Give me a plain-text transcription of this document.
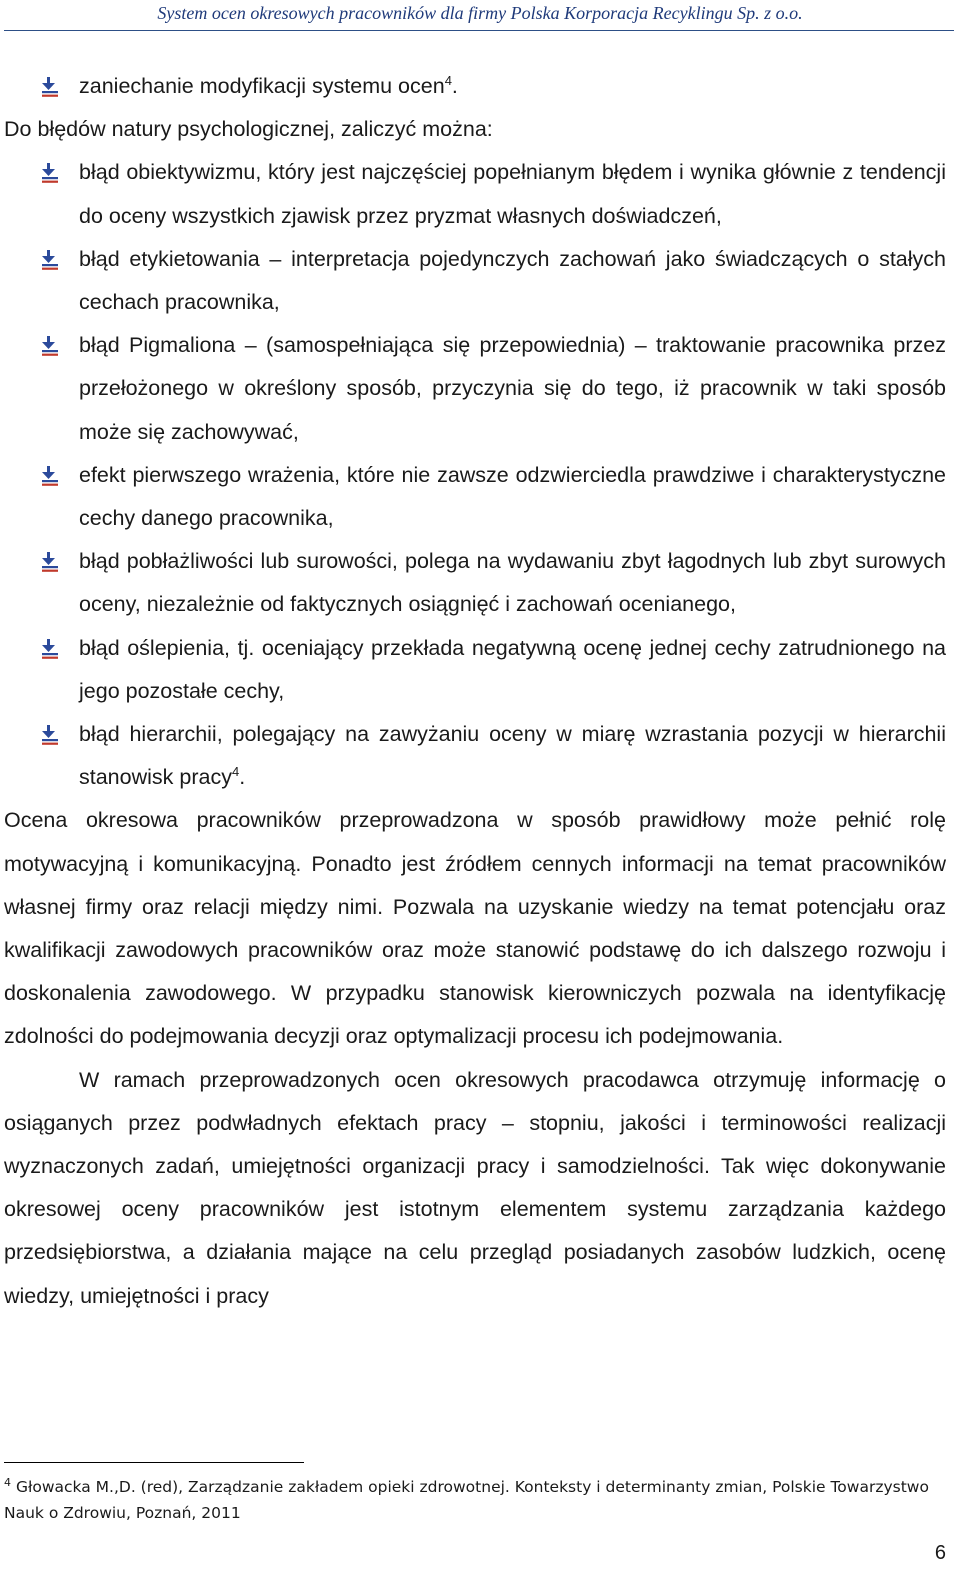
System ocen okresowych pracowników dla firmy Polska Korporacja Recyklingu Sp. z o.o.
zaniechanie modyfikacji systemu ocen$^4$.

Do błędów natury psychologicznej, zaliczyć można:

błąd obiektywizmu, który jest najczęściej popełnianym błędem i wynika głównie z tendencji do oceny wszystkich zjawisk przez pryzmat własnych doświadczeń,
błąd etykietowania – interpretacja pojedynczych zachowań jako świadczących o stałych cechach pracownika,
błąd Pigmaliona – (samospełniająca się przepowiednia) – traktowanie pracownika przez przełożonego w określony sposób, przyczynia się do tego, iż pracownik w taki sposób może się zachowywać,
efekt pierwszego wrażenia, które nie zawsze odzwierciedla prawdziwe i charakterystyczne cechy danego pracownika,
błąd pobłażliwości lub surowości, polega na wydawaniu zbyt łagodnych lub zbyt surowych oceny, niezależnie od faktycznych osiągnięć i zachowań ocenianego,
błąd oślepienia, tj. oceniający przekłada negatywną ocenę jednej cechy zatrudnionego na jego pozostałe cechy,
błąd hierarchii, polegający na zawyżaniu oceny w miarę wzrastania pozycji w hierarchii stanowisk pracy$^4$.

Ocena okresowa pracowników przeprowadzona w sposób prawidłowy może pełnić rolę motywacyjną i komunikacyjną. Ponadto jest źródłem cennych informacji na temat pracowników własnej firmy oraz relacji między nimi. Pozwala na uzyskanie wiedzy na temat potencjału oraz kwalifikacji zawodowych pracowników oraz może stanowić podstawę do ich dalszego rozwoju i doskonalenia zawodowego. W przypadku stanowisk kierowniczych pozwala na identyfikację zdolności do podejmowania decyzji oraz optymalizacji procesu ich podejmowania.

W ramach przeprowadzonych ocen okresowych pracodawca otrzymuję informację o osiąganych przez podwładnych efektach pracy – stopniu, jakości i terminowości realizacji wyznaczonych zadań, umiejętności organizacji pracy i samodzielności. Tak więc dokonywanie okresowej oceny pracowników jest istotnym elementem systemu zarządzania każdego przedsiębiorstwa, a działania mające na celu przegląd posiadanych zasobów ludzkich, ocenę wiedzy, umiejętności i pracy

$^4$ Głowacka M.,D. (red), Zarządzanie zakładem opieki zdrowotnej. Konteksty i determinanty zmian, Polskie Towarzystwo Nauk o Zdrowiu, Poznań, 2011
6
